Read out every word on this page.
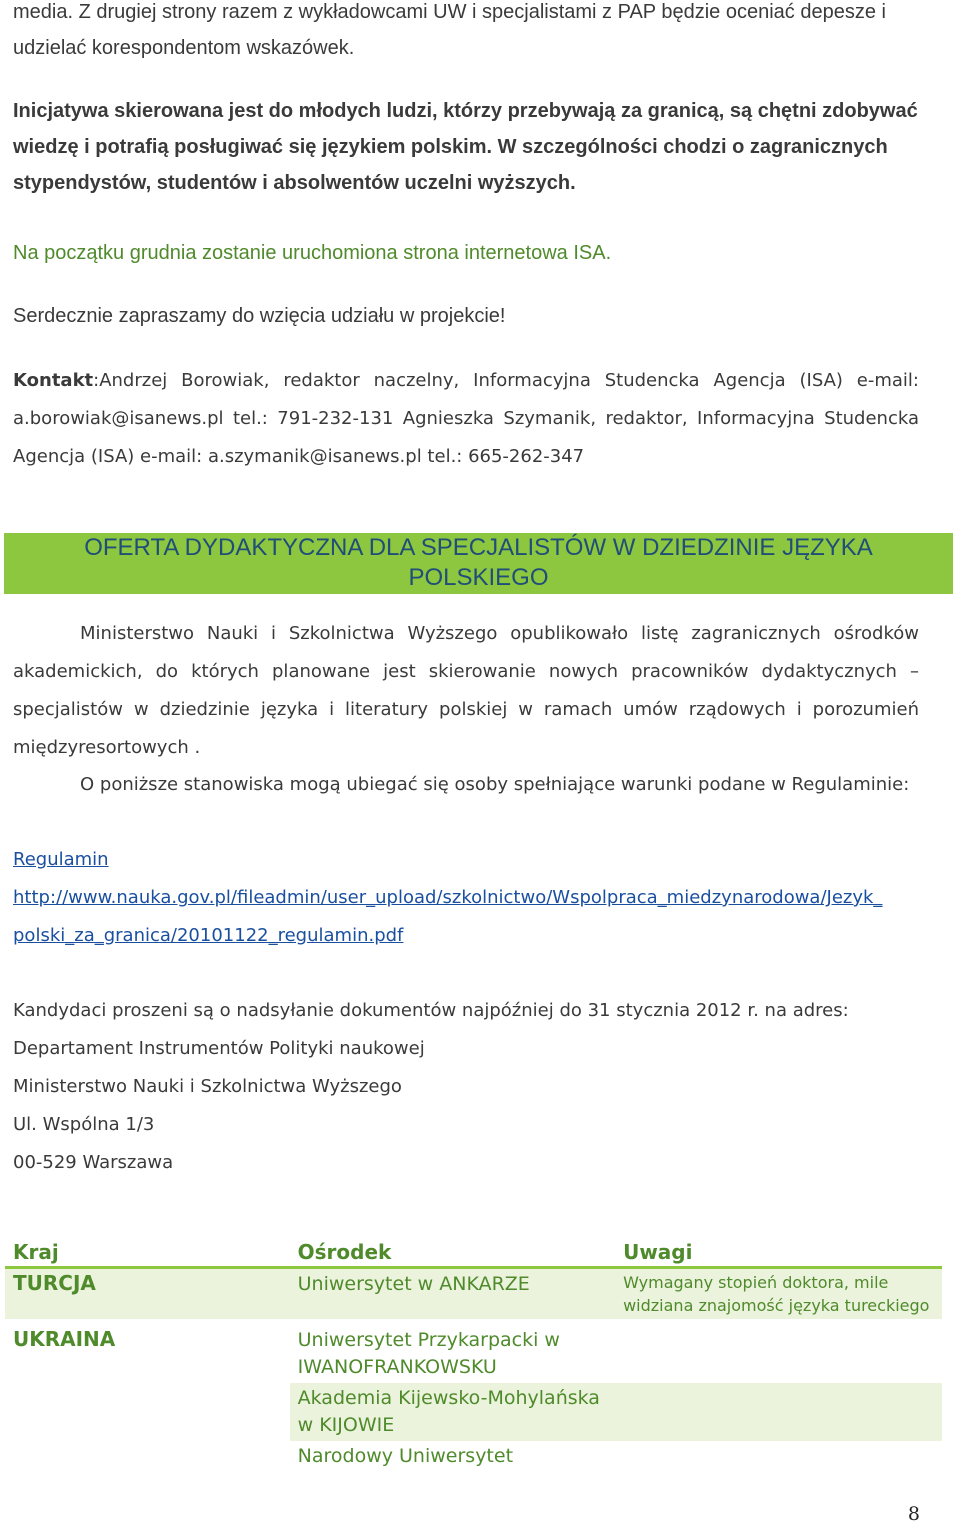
media. Z drugiej strony razem z wykładowcami UW i specjalistami z PAP będzie oceniać depesze i
udzielać korespondentom wskazówek.
Inicjatywa skierowana jest do młodych ludzi, którzy przebywają za granicą, są chętni zdobywać wiedzę i potrafią posługiwać się językiem polskim. W szczególności chodzi o zagranicznych stypendystów, studentów i absolwentów uczelni wyższych.
Na początku grudnia zostanie uruchomiona strona internetowa ISA.
Serdecznie zapraszamy do wzięcia udziału w projekcie!
Kontakt:Andrzej Borowiak, redaktor naczelny, Informacyjna Studencka Agencja (ISA) e-mail: a.borowiak@isanews.pl tel.: 791-232-131 Agnieszka Szymanik, redaktor, Informacyjna Studencka Agencja (ISA) e-mail: a.szymanik@isanews.pl tel.: 665-262-347
OFERTA DYDAKTYCZNA DLA SPECJALISTÓW W DZIEDZINIE JĘZYKA
POLSKIEGO
Ministerstwo Nauki i Szkolnictwa Wyższego opublikowało listę zagranicznych ośrodków akademickich, do których planowane jest skierowanie nowych pracowników dydaktycznych – specjalistów w dziedzinie języka i literatury polskiej w ramach umów rządowych i porozumień międzyresortowych .
O poniższe stanowiska mogą ubiegać się osoby spełniające warunki podane w Regulaminie:
Regulamin
http://www.nauka.gov.pl/fileadmin/user_upload/szkolnictwo/Wspolpraca_miedzynarodowa/Jezyk_
polski_za_granica/20101122_regulamin.pdf
Kandydaci proszeni są o nadsyłanie dokumentów najpóźniej do 31 stycznia 2012 r. na adres:
Departament Instrumentów Polityki naukowej
Ministerstwo Nauki i Szkolnictwa Wyższego
Ul. Wspólna 1/3
00-529 Warszawa
Kraj	Ośrodek	Uwagi
TURCJA	Uniwersytet w ANKARZE	Wymagany stopień doktora, mile widziana znajomość języka tureckiego
UKRAINA	Uniwersytet Przykarpacki w IWANOFRANKOWSKU	
	Akademia Kijewsko-Mohylańska w KIJOWIE	
	Narodowy Uniwersytet	
8
